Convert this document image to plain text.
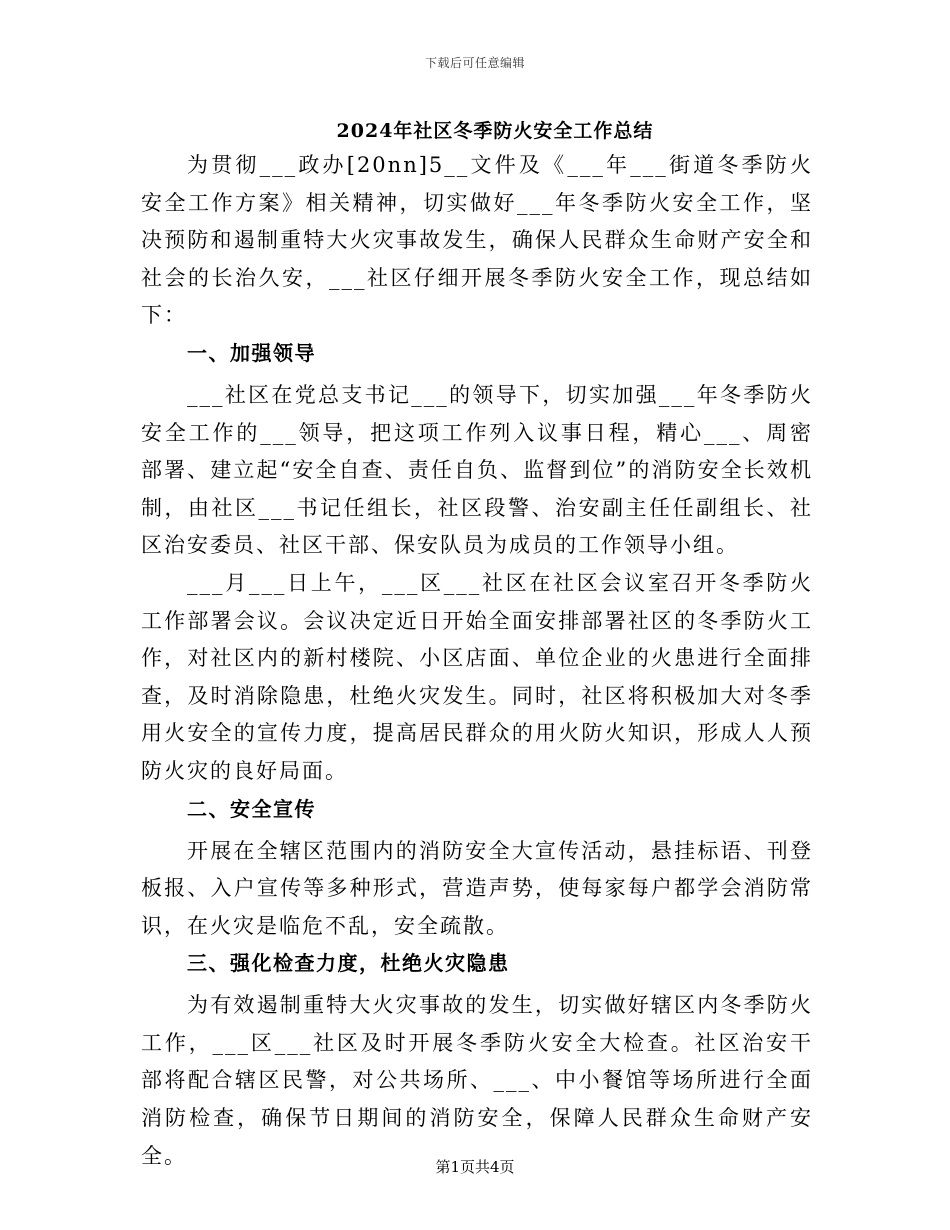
下载后可任意编辑
2024年社区冬季防火安全工作总结

为贯彻___政办[20nn]5__文件及《___年___街道冬季防火安全工作方案》相关精神，切实做好___年冬季防火安全工作，坚决预防和遏制重特大火灾事故发生，确保人民群众生命财产安全和社会的长治久安，___社区仔细开展冬季防火安全工作，现总结如下：

一、加强领导

___社区在党总支书记___的领导下，切实加强___年冬季防火安全工作的___领导，把这项工作列入议事日程，精心___、周密部署、建立起“安全自查、责任自负、监督到位”的消防安全长效机制，由社区___书记任组长，社区段警、治安副主任任副组长、社区治安委员、社区干部、保安队员为成员的工作领导小组。

___月___日上午，___区___社区在社区会议室召开冬季防火工作部署会议。会议决定近日开始全面安排部署社区的冬季防火工作，对社区内的新村楼院、小区店面、单位企业的火患进行全面排查，及时消除隐患，杜绝火灾发生。同时，社区将积极加大对冬季用火安全的宣传力度，提高居民群众的用火防火知识，形成人人预防火灾的良好局面。

二、安全宣传

开展在全辖区范围内的消防安全大宣传活动，悬挂标语、刊登板报、入户宣传等多种形式，营造声势，使每家每户都学会消防常识，在火灾是临危不乱，安全疏散。

三、强化检查力度，杜绝火灾隐患

为有效遏制重特大火灾事故的发生，切实做好辖区内冬季防火工作，___区___社区及时开展冬季防火安全大检查。社区治安干部将配合辖区民警，对公共场所、___、中小餐馆等场所进行全面消防检查，确保节日期间的消防安全，保障人民群众生命财产安全。	第1页共4页
